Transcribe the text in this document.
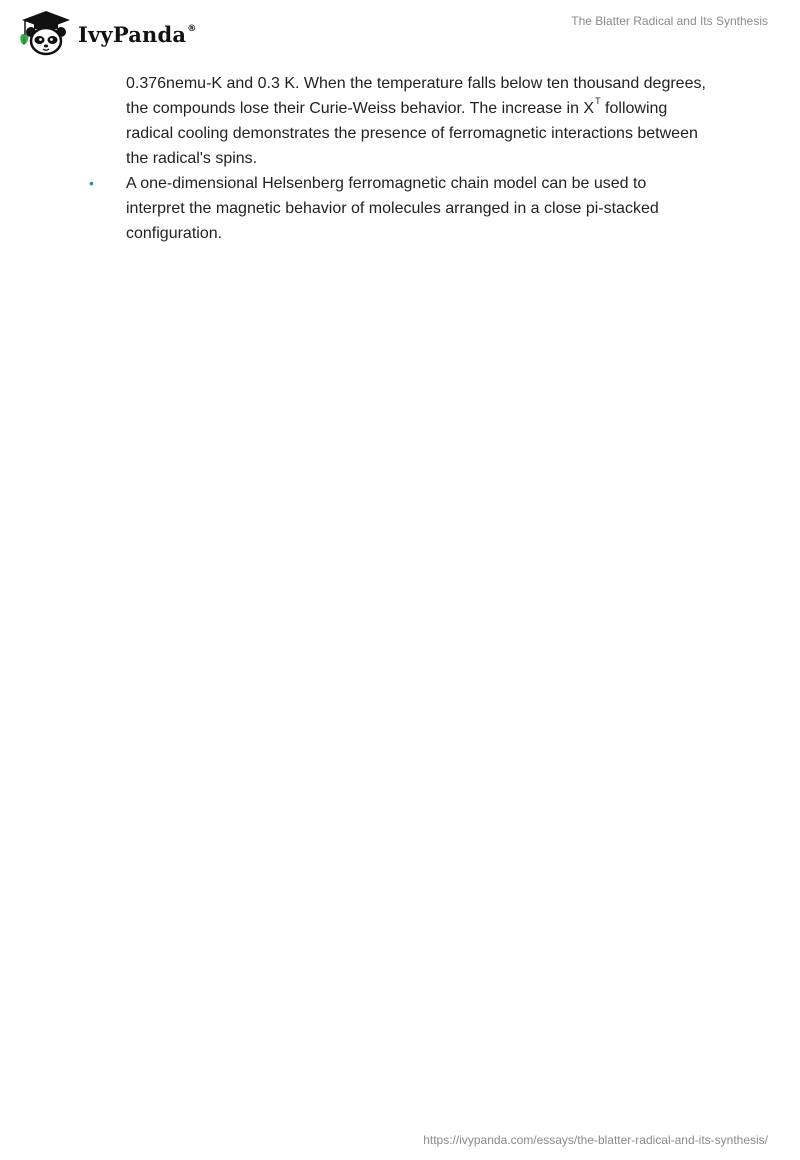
IvyPanda®
The Blatter Radical and Its Synthesis

0.376nemu-K and 0.3 K. When the temperature falls below ten thousand degrees, the compounds lose their Curie-Weiss behavior. The increase in $X^T$ following radical cooling demonstrates the presence of ferromagnetic interactions between the radical's spins.

• A one-dimensional Helsenberg ferromagnetic chain model can be used to interpret the magnetic behavior of molecules arranged in a close pi-stacked configuration.

https://ivypanda.com/essays/the-blatter-radical-and-its-synthesis/
